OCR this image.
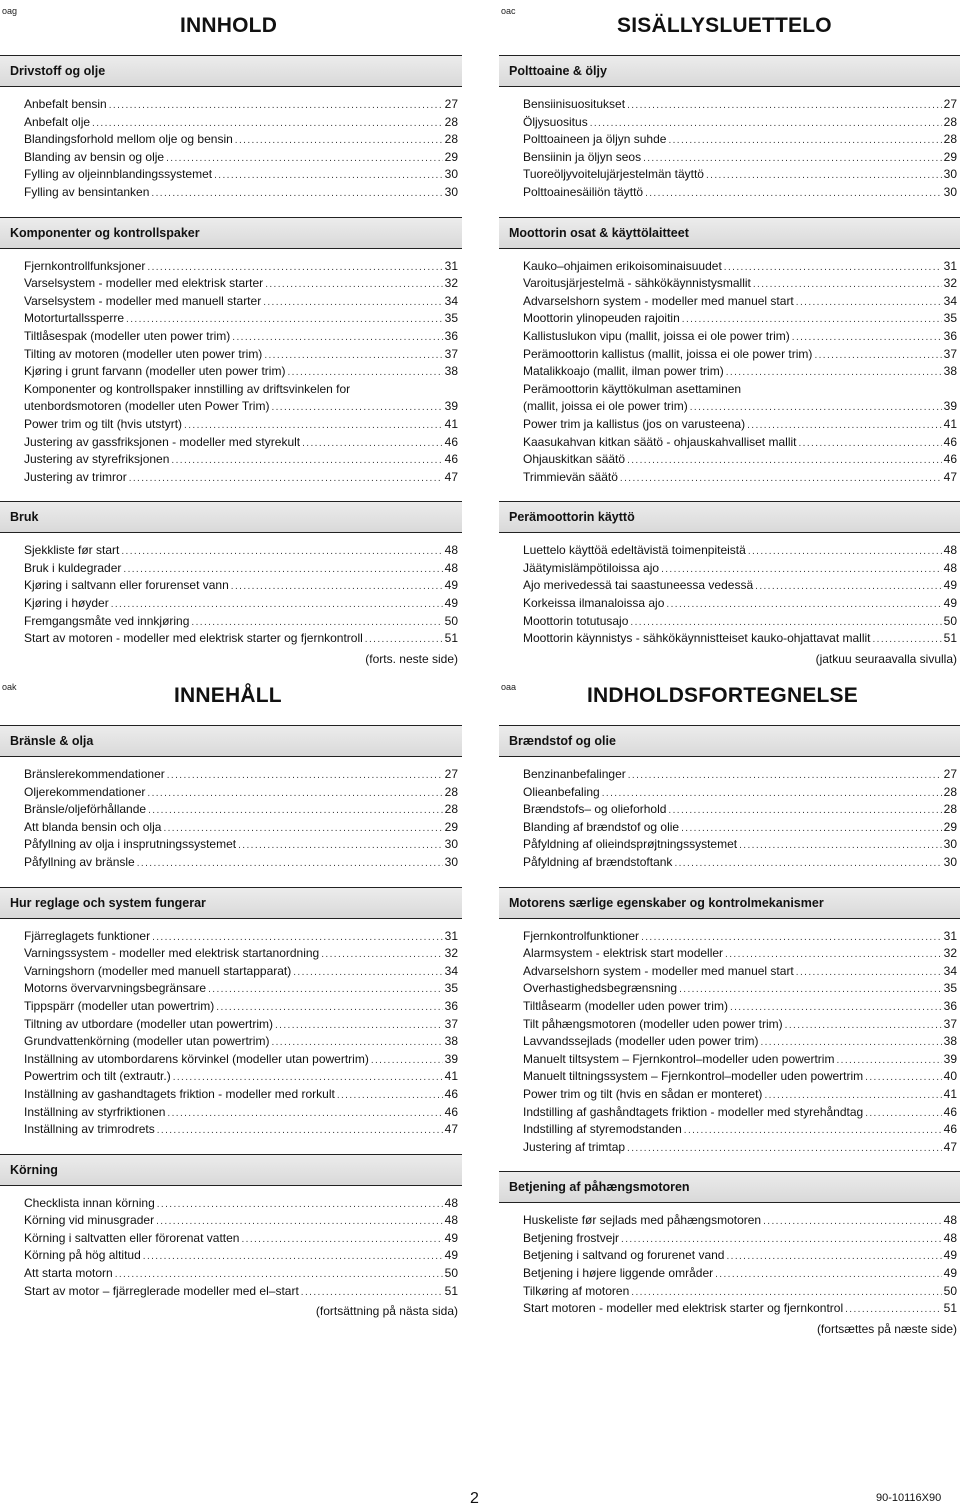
oag
INNHOLD
Drivstoff og olje
Anbefalt bensin .....	27
Anbefalt olje .....	28
Blandingsforhold mellom olje og bensin .....	28
Blanding av bensin og olje .....	29
Fylling av oljeinnblandingssystemet .....	30
Fylling av bensintanken .....	30
Komponenter og kontrollspaker
Fjernkontrollfunksjoner .....	31
Varselsystem - modeller med elektrisk starter .....	32
Varselsystem - modeller med manuell starter .....	34
Motorturtallssperre .....	35
Tiltlåsespak (modeller uten power trim) .....	36
Tilting av motoren (modeller uten power trim) .....	37
Kjøring i grunt farvann (modeller uten power trim) .....	38
Komponenter og kontrollspaker innstilling av driftsvinkelen for
utenbordsmotoren (modeller uten Power Trim) .....	39
Power trim og tilt (hvis utstyrt) .....	41
Justering av gassfriksjonen - modeller med styrekult .....	46
Justering av styrefriksjonen .....	46
Justering av trimror .....	47
Bruk
Sjekkliste før start .....	48
Bruk i kuldegrader .....	48
Kjøring i saltvann eller forurenset vann .....	49
Kjøring i høyder .....	49
Fremgangsmåte ved innkjøring .....	50
Start av motoren - modeller med elektrisk starter og fjernkontroll .....	51
(forts. neste side)
oac
SISÄLLYSLUETTELO
Polttoaine & öljy
Bensiinisuositukset .....	27
Öljysuositus .....	28
Polttoaineen ja öljyn suhde .....	28
Bensiinin ja öljyn seos .....	29
Tuoreöljyvoitelujärjestelmän täyttö .....	30
Polttoainesäiliön täyttö .....	30
Moottorin osat & käyttölaitteet
Kauko–ohjaimen erikoisominaisuudet .....	31
Varoitusjärjestelmä - sähkökäynnistysmallit .....	32
Advarselshorn system - modeller med manuel start .....	34
Moottorin ylinopeuden rajoitin .....	35
Kallistuslukon vipu (mallit, joissa ei ole power trim) .....	36
Perämoottorin kallistus (mallit, joissa ei ole power trim) .....	37
Matalikkoajo (mallit, ilman power trim) .....	38
Perämoottorin käyttökulman asettaminen
(mallit, joissa ei ole power trim) .....	39
Power trim ja kallistus (jos on varusteena) .....	41
Kaasukahvan kitkan säätö - ohjauskahvalliset mallit .....	46
Ohjauskitkan säätö .....	46
Trimmievän säätö .....	47
Perämoottorin käyttö
Luettelo käyttöä edeltävistä toimenpiteistä .....	48
Jäätymislämpötiloissa ajo .....	48
Ajo merivedessä tai saastuneessa vedessä .....	49
Korkeissa ilmanaloissa ajo .....	49
Moottorin totutusajo .....	50
Moottorin käynnistys - sähkökäynnistteiset kauko-ohjattavat mallit .....	51
(jatkuu seuraavalla sivulla)
oak	INNEHÅLL
Bränsle & olja
Bränslerekommendationer .....	27
Oljerekommendationer .....	28
Bränsle/oljeförhållande .....	28
Att blanda bensin och olja .....	29
Påfyllning av olja i insprutningssystemet .....	30
Påfyllning av bränsle .....	30
Hur reglage och system fungerar
Fjärreglagets funktioner .....	31
Varningssystem - modeller med elektrisk startanordning .....	32
Varningshorn (modeller med manuell startapparat) .....	34
Motorns övervarvningsbegränsare .....	35
Tippspärr (modeller utan powertrim) .....	36
Tiltning av utbordare (modeller utan powertrim) .....	37
Grundvattenkörning (modeller utan powertrim) .....	38
Inställning av utombordarens körvinkel (modeller utan powertrim) .....	39
Powertrim och tilt (extrautr.) .....	41
Inställning av gashandtagets friktion - modeller med rorkult .....	46
Inställning av styrfriktionen .....	46
Inställning av trimrodrets .....	47
Körning
Checklista innan körning .....	48
Körning vid minusgrader .....	48
Körning i saltvatten eller förorenat vatten .....	49
Körning på hög altitud .....	49
Att starta motorn .....	50
Start av motor – fjärreglerade modeller med el–start .....	51
(fortsättning på nästa sida)
oaa	INDHOLDSFORTEGNELSE
Brændstof og olie
Benzinanbefalinger .....	27
Olieanbefaling .....	28
Brændstofs– og olieforhold .....	28
Blanding af brændstof og olie .....	29
Påfyldning af olieindsprøjtningssystemet .....	30
Påfyldning af brændstoftank .....	30
Motorens særlige egenskaber og kontrolmekanismer
Fjernkontrolfunktioner .....	31
Alarmsystem - elektrisk start modeller .....	32
Advarselshorn system - modeller med manuel start .....	34
Overhastighedsbegrænsning .....	35
Tiltlåsearm (modeller uden power trim) .....	36
Tilt påhængsmotoren (modeller uden power trim) .....	37
Lavvandssejlads (modeller uden power trim) .....	38
Manuelt tiltsystem – Fjernkontrol–modeller uden powertrim .....	39
Manuelt tiltningssystem – Fjernkontrol–modeller uden powertrim .....	40
Power trim og tilt (hvis en sådan er monteret) .....	41
Indstilling af gashåndtagets friktion - modeller med styrehåndtag .....	46
Indstilling af styremodstanden .....	46
Justering af trimtap .....	47
Betjening af påhængsmotoren
Huskeliste før sejlads med påhængsmotoren .....	48
Betjening frostvejr .....	48
Betjening i saltvand og forurenet vand .....	49
Betjening i højere liggende områder .....	49
Tilkøring af motoren .....	50
Start motoren - modeller med elektrisk starter og fjernkontrol .....	51
(fortsættes på næste side)
2	90-10116X90
